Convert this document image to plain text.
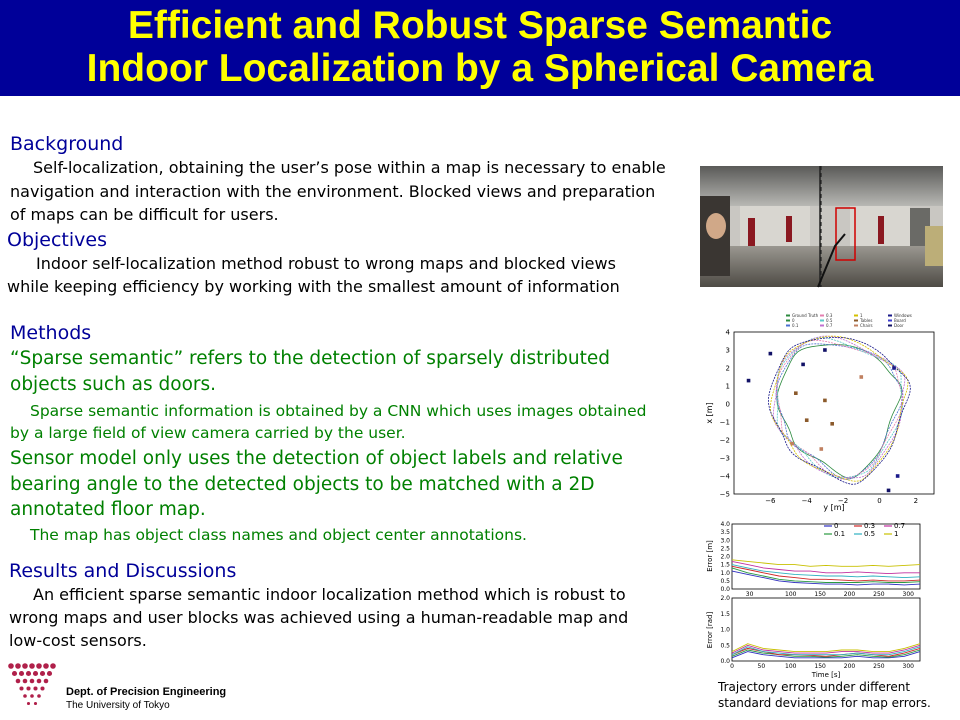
Efficient and Robust Sparse Semantic
Indoor Localization by a Spherical Camera
Background
Self-localization, obtaining the user’s pose within a map is necessary to enable
navigation and interaction with the environment. Blocked views and preparation
of maps can be difficult for users.
Objectives
Indoor self-localization method robust to wrong maps and blocked views
while keeping efficiency by working with the smallest amount of information
Methods
“Sparse semantic” refers to the detection of sparsely distributed
objects such as doors.
Sparse semantic information is obtained by a CNN which uses images obtained
by a large field of view camera carried by the user.
Sensor model only uses the detection of object labels and relative
bearing angle to the detected objects to be matched with a 2D
annotated floor map.
The map has object class names and object center annotations.
Results and Discussions
An efficient sparse semantic indoor localization method which is robust to
wrong maps and user blocks was achieved using a human-readable map and
low-cost sensors.
Dept. of Precision Engineering
The University of Tokyo
Ground Truth
0
0.1
0.3
0.5
0.7
1
Tables
Chairs
Windows
Board
Door
−6	−4	−2	0	2
4
3
2
1
0
−1
−2
−3
−4
−5
y [m]
x [m]
4.0
3.5
3.0
2.5
2.0
1.5
1.0
0.5
0.0
30	100	150	200	250	300
2.0
1.5
1.0
0.5
0.0
0	50	100	150	200	250	300
0
0.1
0.3
0.5
0.7
1
Error [m]
Error [rad]
Time [s]
Trajectory errors under different
standard deviations for map errors.
